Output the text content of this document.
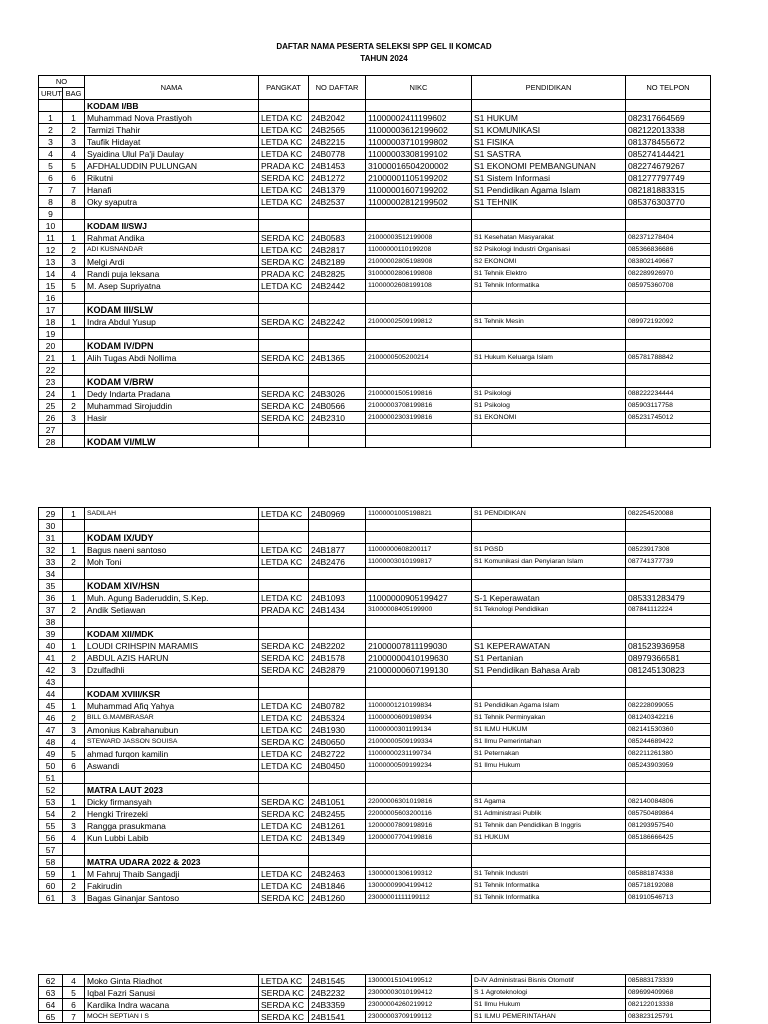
DAFTAR NAMA PESERTA SELEKSI SPP GEL II KOMCAD
TAHUN 2024
NO		NAMA	PANGKAT	NO DAFTAR	NIKC	PENDIDIKAN	NO TELPON
URUT	BAG						
		KODAM I/BB					
1	1	Muhammad Nova Prastiyoh	LETDA KC	24B2042	11000002411199602	S1 HUKUM	082317664569
2	2	Tarmizi Thahir	LETDA KC	24B2565	11000003612199602	S1 KOMUNIKASI	082122013338
3	3	Taufik Hidayat	LETDA KC	24B2215	11000003710199802	S1 FISIKA	081378455672
4	4	Syaidina Ulul Pa'ji Daulay	LETDA KC	24B0778	11000003308199102	S1 SASTRA	085274144421
5	5	AFDHALUDDIN PULUNGAN	PRADA KC	24B1453	31000016504200002	S1 EKONOMI PEMBANGUNAN	082274679267
6	6	Rikutni	SERDA KC	24B1272	21000001105199202	S1 Sistem Informasi	081277797749
7	7	Hanafi	LETDA KC	24B1379	11000001607199202	S1 Pendidikan Agama Islam	082181883315
8	8	Oky syaputra	LETDA KC	24B2537	11000002812199502	S1 TEHNIK	085376303770
9							
10		KODAM II/SWJ					
11	1	Rahmat Andika	SERDA KC	24B0583	21000003512199008	S1 Kesehatan Masyarakat	082371278404
12	2	ADI KUSNANDAR	LETDA KC	24B2817	11000000110199208	S2 Psikologi Industri Organisasi	085366836686
13	3	Melgi Ardi	SERDA KC	24B2189	21000002805198908	S2 EKONOMI	083802149667
14	4	Randi puja leksana	PRADA KC	24B2825	31000002806199808	S1 Tehnik Elektro	082289926970
15	5	M. Asep Supriyatna	LETDA KC	24B2442	11000002608199108	S1 Tehnik Informatika	085975360708
16							
17		KODAM III/SLW					
18	1	Indra Abdul Yusup	SERDA KC	24B2242	21000002509199812	S1 Tehnik Mesin	089972192092
19							
20		KODAM IV/DPN					
21	1	Alih Tugas Abdi Nollima	SERDA KC	24B1365	2100000505200214	S1 Hukum Keluarga Islam	085781788842
22							
23		KODAM V/BRW					
24	1	Dedy Indarta Pradana	SERDA KC	24B3026	21000001505199816	S1 Psikologi	088222234444
25	2	Muhammad Sirojuddin	SERDA KC	24B0566	21000003708199816	S1 Psikolog	085903117758
26	3	Hasir	SERDA KC	24B2310	21000002303199816	S1 EKONOMI	085231745012
27							
28		KODAM VI/MLW					
29	1	SADILAH	LETDA KC	24B0969	11000001005198821	S1 PENDIDIKAN	082254520088
30							
31		KODAM IX/UDY					
32	1	Bagus naeni santoso	LETDA KC	24B1877	11000000608200117	S1 PGSD	08523917308
33	2	Moh Toni	LETDA KC	24B2476	11000003010199817	S1 Komunikasi dan Penyiaran Islam	087741377739
34							
35		KODAM XIV/HSN					
36	1	Muh. Agung Baderuddin, S.Kep.	LETDA KC	24B1093	11000000905199427	S-1 Keperawatan	085331283479
37	2	Andik Setiawan	PRADA KC	24B1434	31000008405199900	S1 Teknologi Pendidikan	087841112224
38							
39		KODAM XII/MDK					
40	1	LOUDI CRIHSPIN MARAMIS	SERDA KC	24B2202	21000007811199030	S1 KEPERAWATAN	081523936958
41	2	ABDUL AZIS HARUN	SERDA KC	24B1578	21000000410199630	S1 Pertanian	08979366581
42	3	Dzulfadhli	SERDA KC	24B2879	21000000607199130	S1 Pendidikan Bahasa Arab	081245130823
43							
44		KODAM XVIII/KSR					
45	1	Muhammad Afiq Yahya	LETDA KC	24B0782	11000001210199834	S1 Pendidikan Agama Islam	082228099055
46	2	BILL G.MAMBRASAR	LETDA KC	24B5324	11000000609198934	S1 Tehnik Perminyakan	081240342216
47	3	Amonius Kabrahanubun	LETDA KC	24B1930	11000000301199134	S1 ILMU HUKUM	082141530360
48	4	STEWARD JASSON SOUISA	SERDA KC	24B0650	21000000509199334	S1 Ilmu Pemerintahan	085244689422
49	5	ahmad furqon kamilin	LETDA KC	24B2722	11000000231199734	S1 Peternakan	082211261380
50	6	Aswandi	LETDA KC	24B0450	11000000509199234	S1 Ilmu Hukum	085243903959
51							
52		MATRA LAUT 2023					
53	1	Dicky firmansyah	SERDA KC	24B1051	22000006301019816	S1 Agama	082140084806
54	2	Hengki Trirezeki	SERDA KC	24B2455	22000005603200116	S1 Administrasi Publik	085750489864
55	3	Rangga prasukmana	LETDA KC	24B1261	12000007809198916	S1 Tehnik dan Pendidikan B Inggris	081293957540
56	4	Kun Lubbi Labib	LETDA KC	24B1349	12000007704199816	S1 HUKUM	085186666425
57							
58		MATRA UDARA 2022 & 2023					
59	1	M Fahruj Thaib Sangadji	LETDA KC	24B2463	13000001306199312	S1 Tehnik Industri	085881874338
60	2	Fakirudin	LETDA KC	24B1846	13000009904199412	S1 Tehnik Informatika	085718192088
61	3	Bagas Ginanjar Santoso	SERDA KC	24B1260	23000001111199112	S1 Tehnik Informatika	081910546713
62	4	Moko Ginta Riadhot	LETDA KC	24B1545	13000015104199512	D-IV Administrasi Bisnis Otomotif	085883173339
63	5	Iqbal Fazri Sanusi	SERDA KC	24B2232	23000003010199412	S 1 Agroteknologi	089699409968
64	6	Kardika Indra wacana	SERDA KC	24B3359	23000004260219912	S1 Ilmu Hukum	082122013338
65	7	MOCH SEPTIAN I S	SERDA KC	24B1541	23000003709199112	S1 ILMU PEMERINTAHAN	083823125791
